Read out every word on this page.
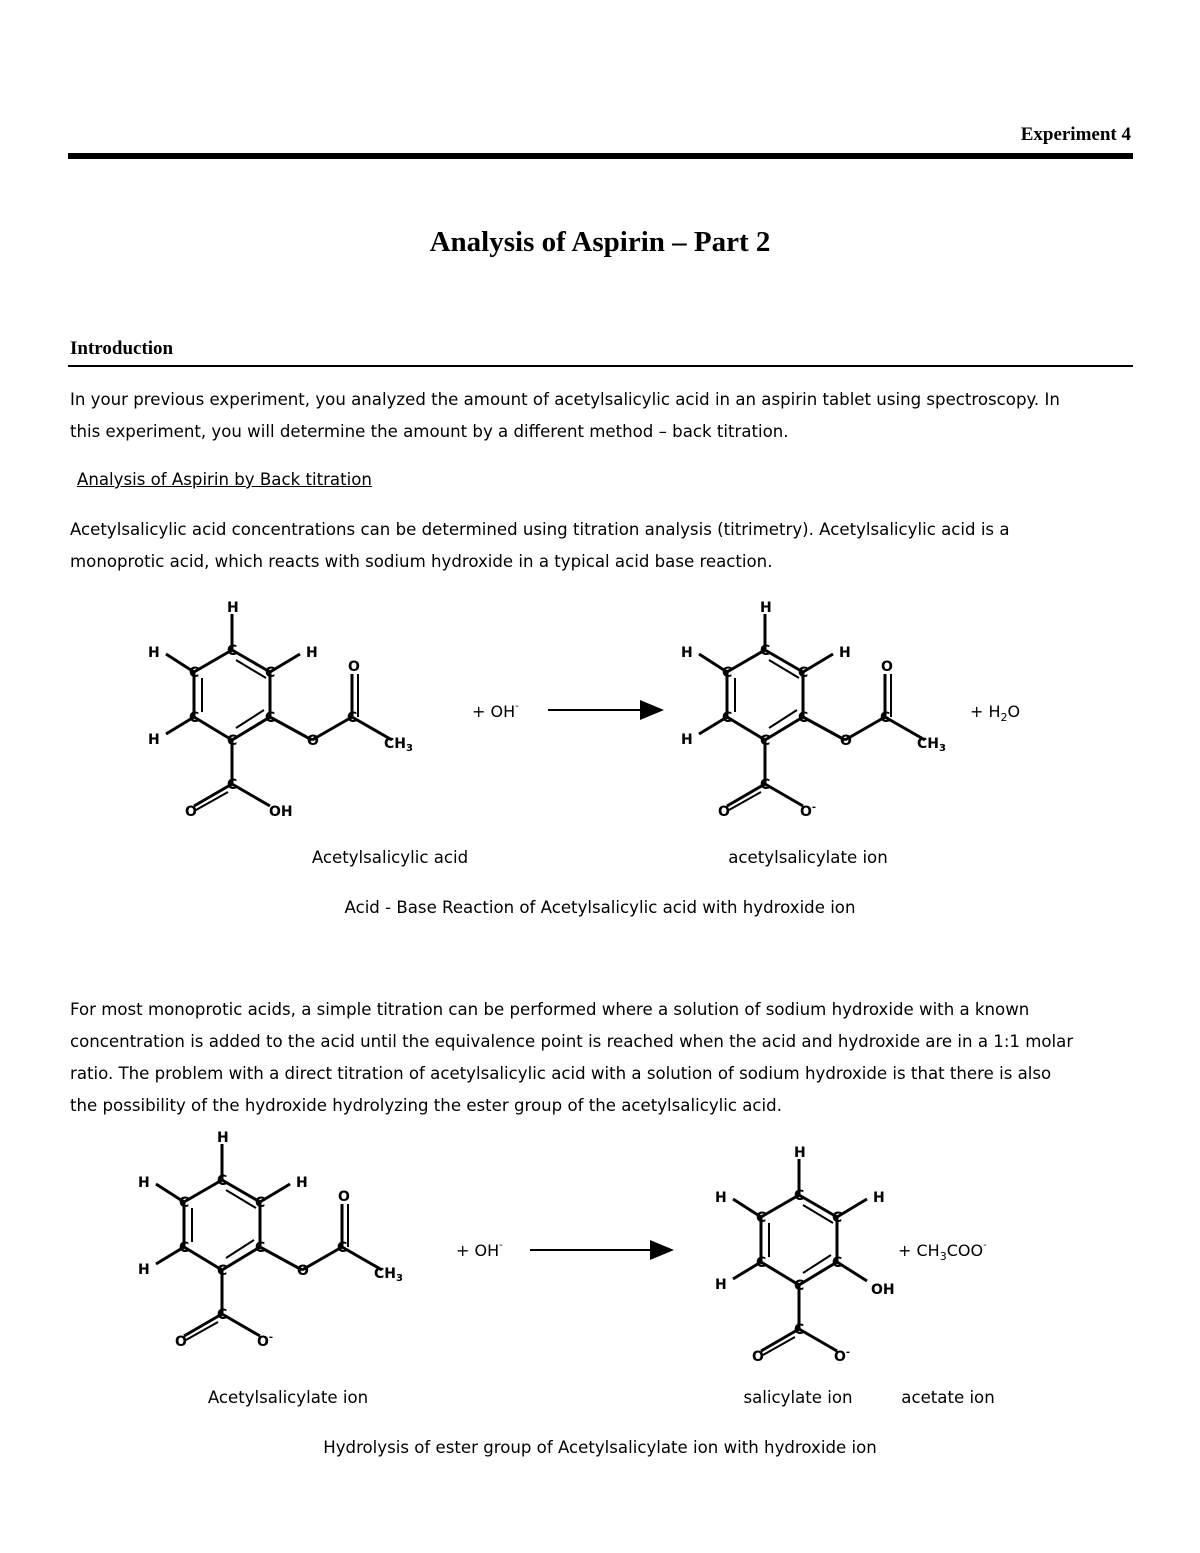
Experiment 4
Analysis of Aspirin – Part 2
Introduction
In your previous experiment, you analyzed the amount of acetylsalicylic acid in an aspirin tablet using spectroscopy. In
this experiment, you will determine the amount by a different method – back titration.
Analysis of Aspirin by Back titration
Acetylsalicylic acid concentrations can be determined using titration analysis (titrimetry). Acetylsalicylic acid is a
monoprotic acid, which reacts with sodium hydroxide in a typical acid base reaction.
H
C
C
C
C
C
C
H	H
H	O
C
O
$CH_3$
C
O	OH
+ OH-
H
C
C
C
C
C
C
H	H
H	O
C
O
$CH_3$
C
O	O-
+ $H_2O$
Acetylsalicylic acid	acetylsalicylate ion
Acid - Base Reaction of Acetylsalicylic acid with hydroxide ion
For most monoprotic acids, a simple titration can be performed where a solution of sodium hydroxide with a known
concentration is added to the acid until the equivalence point is reached when the acid and hydroxide are in a 1:1 molar
ratio. The problem with a direct titration of acetylsalicylic acid with a solution of sodium hydroxide is that there is also
the possibility of the hydroxide hydrolyzing the ester group of the acetylsalicylic acid.
H
C
C
C
C
C
C
H	H
H	O
C
O
$CH_3$
C
O	O-
+ OH-
H
C
C
C
C
C
C
H	H
H	OH
C
O	O-
+ $CH_3COO^-$
Acetylsalicylate ion	salicylate ion	acetate ion
Hydrolysis of ester group of Acetylsalicylate ion with hydroxide ion
